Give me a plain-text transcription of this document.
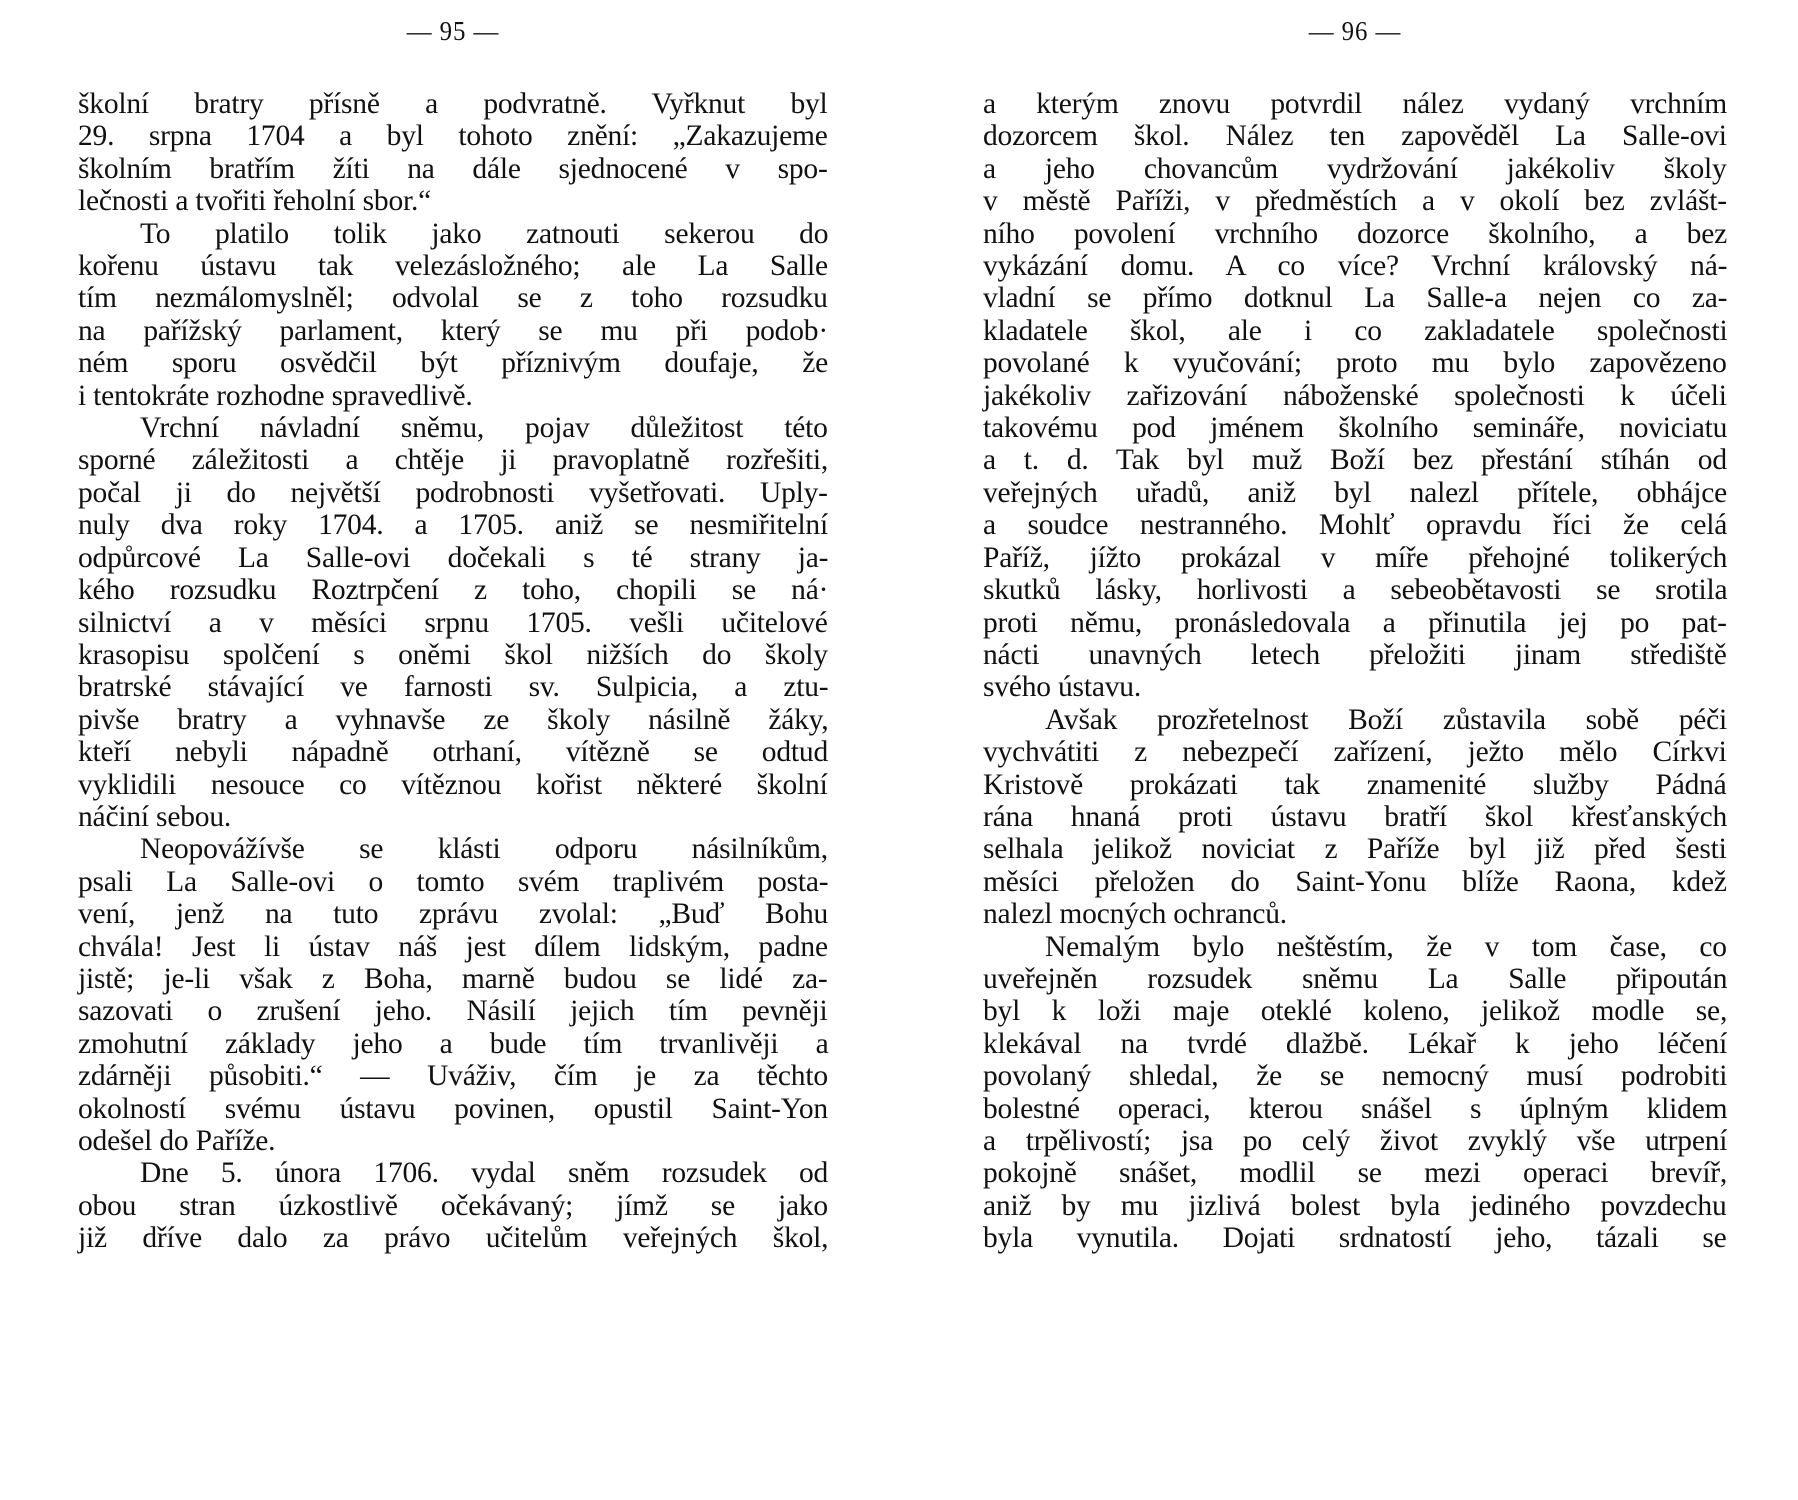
— 95 —
školní bratry přísně a podvratně. Vyřknut byl
29. srpna 1704 a byl tohoto znění: „Zakazujeme
školním bratřím žíti na dále sjednocené v spo-
lečnosti a tvořiti řeholní sbor.“
To platilo tolik jako zatnouti sekerou do
kořenu ústavu tak velezásložného; ale La Salle
tím nezmálomyslněl; odvolal se z toho rozsudku
na pařížský parlament, který se mu při podob·
ném sporu osvědčil být příznivým doufaje, že
i tentokráte rozhodne spravedlivě.
Vrchní návladní sněmu, pojav důležitost této
sporné záležitosti a chtěje ji pravoplatně rozřešiti,
počal ji do největší podrobnosti vyšetřovati. Uply-
nuly dva roky 1704. a 1705. aniž se nesmiřitelní
odpůrcové La Salle-ovi dočekali s té strany ja-
kého rozsudku Roztrpčení z toho, chopili se ná·
silnictví a v měsíci srpnu 1705. vešli učitelové
krasopisu spolčení s oněmi škol nižších do školy
bratrské stávající ve farnosti sv. Sulpicia, a ztu-
pivše bratry a vyhnavše ze školy násilně žáky,
kteří nebyli nápadně otrhaní, vítězně se odtud
vyklidili nesouce co vítěznou kořist některé školní
náčiní sebou.
Neopovážívše se klásti odporu násilníkům,
psali La Salle-ovi o tomto svém traplivém posta-
vení, jenž na tuto zprávu zvolal: „Buď Bohu
chvála! Jest li ústav náš jest dílem lidským, padne
jistě; je-li však z Boha, marně budou se lidé za-
sazovati o zrušení jeho. Násilí jejich tím pevněji
zmohutní základy jeho a bude tím trvanlivěji a
zdárněji působiti.“ — Uváživ, čím je za těchto
okolností svému ústavu povinen, opustil Saint-Yon
odešel do Paříže.
Dne 5. února 1706. vydal sněm rozsudek od
obou stran úzkostlivě očekávaný; jímž se jako
již dříve dalo za právo učitelům veřejných škol,
— 96 —
a kterým znovu potvrdil nález vydaný vrchním
dozorcem škol. Nález ten zapověděl La Salle-ovi
a jeho chovancům vydržování jakékoliv školy
v městě Paříži, v předměstích a v okolí bez zvlášt-
ního povolení vrchního dozorce školního, a bez
vykázání domu. A co více? Vrchní královský ná-
vladní se přímo dotknul La Salle-a nejen co za-
kladatele škol, ale i co zakladatele společnosti
povolané k vyučování; proto mu bylo zapovězeno
jakékoliv zařizování náboženské společnosti k účeli
takovému pod jménem školního semináře, noviciatu
a t. d. Tak byl muž Boží bez přestání stíhán od
veřejných uřadů, aniž byl nalezl přítele, obhájce
a soudce nestranného. Mohlť opravdu říci že celá
Paříž, jížto prokázal v míře přehojné tolikerých
skutků lásky, horlivosti a sebeobětavosti se srotila
proti němu, pronásledovala a přinutila jej po pat-
nácti unavných letech přeložiti jinam střediště
svého ústavu.
Avšak prozřetelnost Boží zůstavila sobě péči
vychvátiti z nebezpečí zařízení, ježto mělo Církvi
Kristově prokázati tak znamenité služby Pádná
rána hnaná proti ústavu bratří škol křesťanských
selhala jelikož noviciat z Paříže byl již před šesti
měsíci přeložen do Saint-Yonu blíže Raona, kdež
nalezl mocných ochranců.
Nemalým bylo neštěstím, že v tom čase, co
uveřejněn rozsudek sněmu La Salle připoután
byl k loži maje oteklé koleno, jelikož modle se,
klekával na tvrdé dlažbě. Lékař k jeho léčení
povolaný shledal, že se nemocný musí podrobiti
bolestné operaci, kterou snášel s úplným klidem
a trpělivostí; jsa po celý život zvyklý vše utrpení
pokojně snášet, modlil se mezi operaci brevíř,
aniž by mu jizlivá bolest byla jediného povzdechu
byla vynutila. Dojati srdnatostí jeho, tázali se
